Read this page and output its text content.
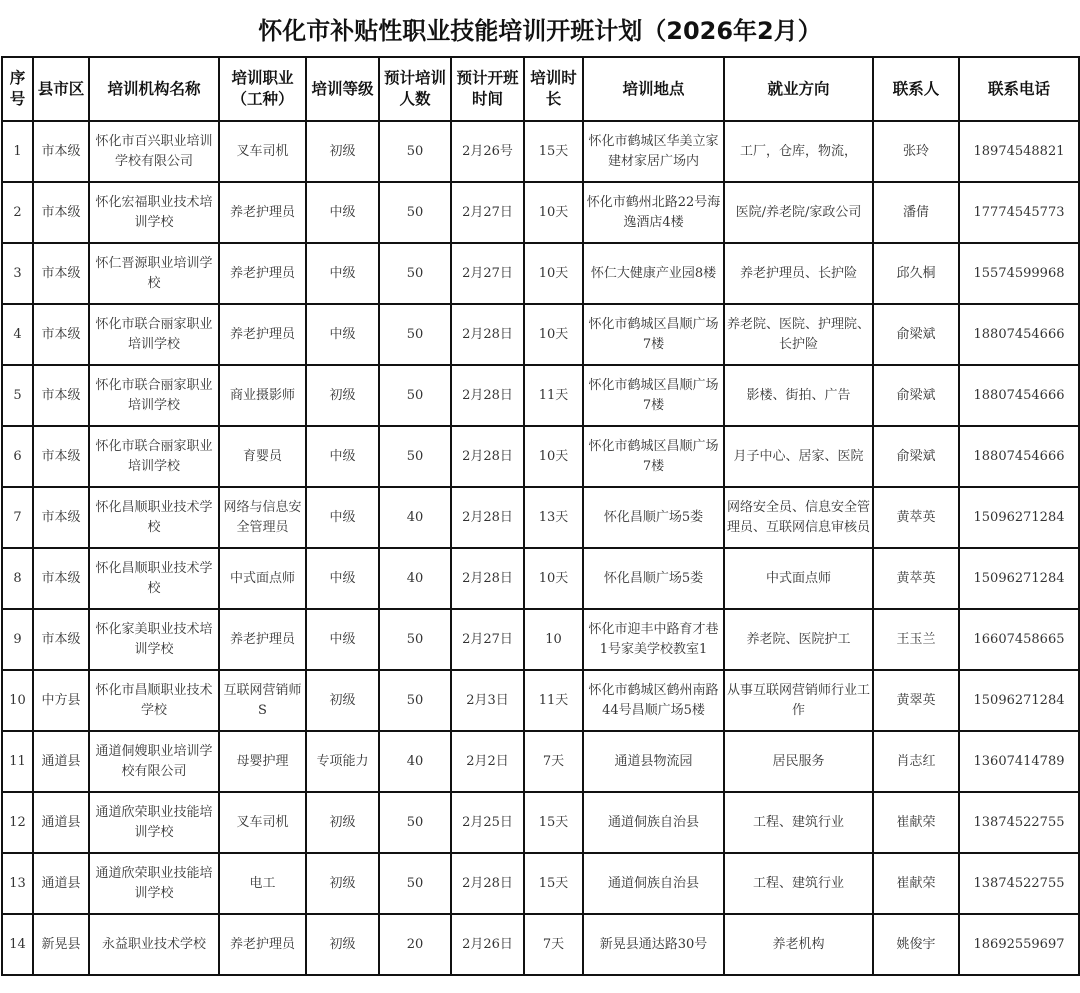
怀化市补贴性职业技能培训开班计划（2026年2月）
序号	县市区	培训机构名称	培训职业（工种）	培训等级	预计培训人数	预计开班时间	培训时长	培训地点	就业方向	联系人	联系电话
1	市本级	怀化市百兴职业培训学校有限公司	叉车司机	初级	50	2月26号	15天	怀化市鹤城区华美立家建材家居广场内	工厂，仓库，物流，	张玲	18974548821
2	市本级	怀化宏福职业技术培训学校	养老护理员	中级	50	2月27日	10天	怀化市鹤州北路22号海逸酒店4楼	医院/养老院/家政公司	潘倩	17774545773
3	市本级	怀仁晋源职业培训学校	养老护理员	中级	50	2月27日	10天	怀仁大健康产业园8楼	养老护理员、长护险	邱久桐	15574599968
4	市本级	怀化市联合丽家职业培训学校	养老护理员	中级	50	2月28日	10天	怀化市鹤城区昌顺广场7楼	养老院、医院、护理院、长护险	俞梁斌	18807454666
5	市本级	怀化市联合丽家职业培训学校	商业摄影师	初级	50	2月28日	11天	怀化市鹤城区昌顺广场7楼	影楼、街拍、广告	俞梁斌	18807454666
6	市本级	怀化市联合丽家职业培训学校	育婴员	中级	50	2月28日	10天	怀化市鹤城区昌顺广场7楼	月子中心、居家、医院	俞梁斌	18807454666
7	市本级	怀化昌顺职业技术学校	网络与信息安全管理员	中级	40	2月28日	13天	怀化昌顺广场5娄	网络安全员、信息安全管理员、互联网信息审核员	黄萃英	15096271284
8	市本级	怀化昌顺职业技术学校	中式面点师	中级	40	2月28日	10天	怀化昌顺广场5娄	中式面点师	黄萃英	15096271284
9	市本级	怀化家美职业技术培训学校	养老护理员	中级	50	2月27日	10	怀化市迎丰中路育才巷1号家美学校教室1	养老院、医院护工	王玉兰	16607458665
10	中方县	怀化市昌顺职业技术学校	互联网营销师S	初级	50	2月3日	11天	怀化市鹤城区鹤州南路44号昌顺广场5楼	从事互联网营销师行业工作	黄翠英	15096271284
11	通道县	通道侗嫂职业培训学校有限公司	母婴护理	专项能力	40	2月2日	7天	通道县物流园	居民服务	肖志红	13607414789
12	通道县	通道欣荣职业技能培训学校	叉车司机	初级	50	2月25日	15天	通道侗族自治县	工程、建筑行业	崔献荣	13874522755
13	通道县	通道欣荣职业技能培训学校	电工	初级	50	2月28日	15天	通道侗族自治县	工程、建筑行业	崔献荣	13874522755
14	新晃县	永益职业技术学校	养老护理员	初级	20	2月26日	7天	新晃县通达路30号	养老机构	姚俊宇	18692559697
